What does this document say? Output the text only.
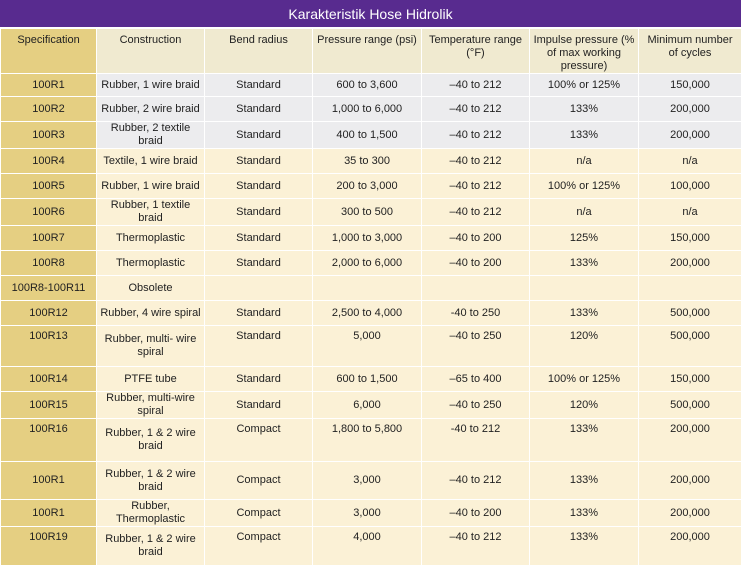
Karakteristik Hose Hidrolik
Specification	Construction	Bend radius	Pressure range (psi)	Temperature range (°F)	Impulse pressure (% of max working pressure)	Minimum number of cycles
100R1	Rubber, 1 wire braid	Standard	600 to 3,600	–40 to 212	100% or 125%	150,000
100R2	Rubber, 2 wire braid	Standard	1,000 to 6,000	–40 to 212	133%	200,000
100R3	Rubber, 2 textile braid	Standard	400 to 1,500	–40 to 212	133%	200,000
100R4	Textile, 1 wire braid	Standard	35 to 300	–40 to 212	n/a	n/a
100R5	Rubber, 1 wire braid	Standard	200 to 3,000	–40 to 212	100% or 125%	100,000
100R6	Rubber, 1 textile braid	Standard	300 to 500	–40 to 212	n/a	n/a
100R7	Thermoplastic	Standard	1,000 to 3,000	–40 to 200	125%	150,000
100R8	Thermoplastic	Standard	2,000 to 6,000	–40 to 200	133%	200,000
100R8-100R11	Obsolete					
100R12	Rubber, 4 wire spiral	Standard	2,500 to 4,000	-40 to 250	133%	500,000
100R13	Rubber, multi- wire spiral	Standard	5,000	–40 to 250	120%	500,000
100R14	PTFE tube	Standard	600 to 1,500	–65 to 400	100% or 125%	150,000
100R15	Rubber, multi-wire spiral	Standard	6,000	–40 to 250	120%	500,000
100R16	Rubber, 1 & 2 wire braid	Compact	1,800 to 5,800	-40 to 212	133%	200,000
100R1	Rubber, 1 & 2 wire braid	Compact	3,000	–40 to 212	133%	200,000
100R1	Rubber, Thermoplastic	Compact	3,000	–40 to 200	133%	200,000
100R19	Rubber, 1 & 2 wire braid	Compact	4,000	–40 to 212	133%	200,000
